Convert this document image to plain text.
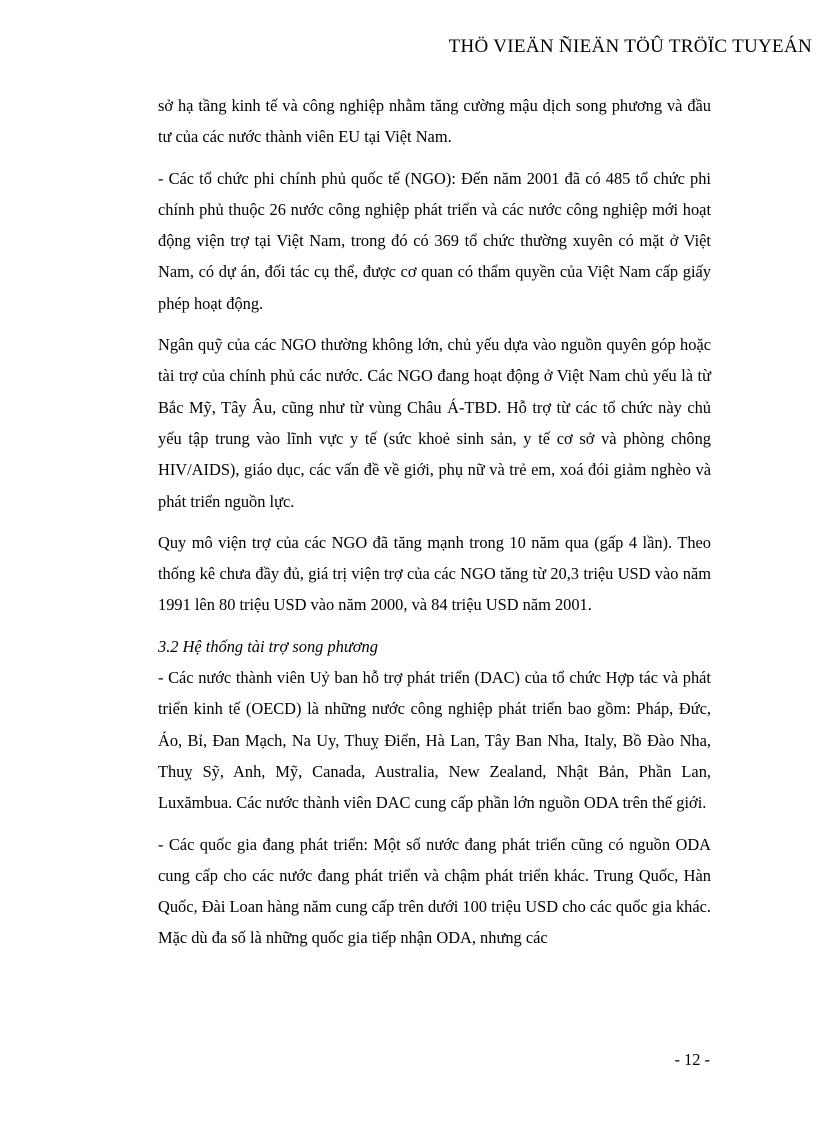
THÖ VIEÄN ÑIEÄN TÖÛ TRÖÏC TUYEÁN

sở hạ tầng kinh tế và công nghiệp nhằm tăng cường mậu dịch song phương và đầu tư của các nước thành viên EU tại Việt Nam.

- Các tổ chức phi chính phủ quốc tế (NGO): Đến năm 2001 đã có 485 tổ chức phi chính phủ thuộc 26 nước công nghiệp phát triển và các nước công nghiệp mới hoạt động viện trợ tại Việt Nam, trong đó có 369 tổ chức thường xuyên có mặt ở Việt Nam, có dự án, đối tác cụ thể, được cơ quan có thẩm quyền của Việt Nam cấp giấy phép hoạt động.

Ngân quỹ của các NGO thường không lớn, chủ yếu dựa vào nguồn quyên góp hoặc tài trợ của chính phủ các nước. Các NGO đang hoạt động ở Việt Nam chủ yếu là từ Bắc Mỹ, Tây Âu, cũng như từ vùng Châu Á-TBD. Hỗ trợ từ các tổ chức này chủ yếu tập trung vào lĩnh vực y tế (sức khoẻ sinh sản, y tế cơ sở và phòng chông HIV/AIDS), giáo dục, các vấn đề về giới, phụ nữ và trẻ em, xoá đói giảm nghèo và phát triển nguồn lực.

Quy mô viện trợ của các NGO đã tăng mạnh trong 10 năm qua (gấp 4 lần). Theo thống kê chưa đầy đủ, giá trị viện trợ của các NGO tăng từ 20,3 triệu USD vào năm 1991 lên 80 triệu USD vào năm 2000, và 84 triệu USD năm 2001.

3.2 Hệ thống tài trợ song phương

- Các nước thành viên Uỷ ban hỗ trợ phát triển (DAC) của tổ chức Hợp tác và phát triển kinh tế (OECD) là những nước công nghiệp phát triển bao gồm: Pháp, Đức, Áo, Bỉ, Đan Mạch, Na Uy, Thuỵ Điển, Hà Lan, Tây Ban Nha, Italy, Bồ Đào Nha, Thuỵ Sỹ, Anh, Mỹ, Canada, Australia, New Zealand, Nhật Bản, Phần Lan, Luxămbua. Các nước thành viên DAC cung cấp phần lớn nguồn ODA trên thế giới.

- Các quốc gia đang phát triển: Một số nước đang phát triển cũng có nguồn ODA cung cấp cho các nước đang phát triển và chậm phát triển khác. Trung Quốc, Hàn Quốc, Đài Loan hàng năm cung cấp trên dưới 100 triệu USD cho các quốc gia khác. Mặc dù đa số là những quốc gia tiếp nhận ODA, nhưng các

- 12 -
